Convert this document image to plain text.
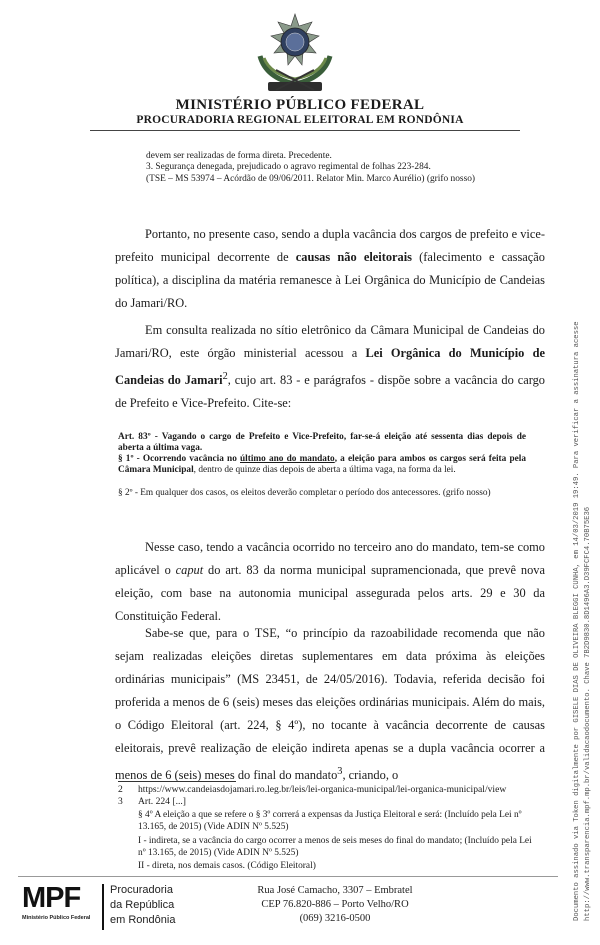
MINISTÉRIO PÚBLICO FEDERAL
PROCURADORIA REGIONAL ELEITORAL EM RONDÔNIA
devem ser realizadas de forma direta. Precedente.
3. Segurança denegada, prejudicado o agravo regimental de folhas 223-284.
(TSE – MS 53974 – Acórdão de 09/06/2011. Relator Min. Marco Aurélio) (grifo nosso)
Portanto, no presente caso, sendo a dupla vacância dos cargos de prefeito e vice-prefeito municipal decorrente de causas não eleitorais (falecimento e cassação política), a disciplina da matéria remanesce à Lei Orgânica do Município de Candeias do Jamari/RO.
Em consulta realizada no sítio eletrônico da Câmara Municipal de Candeias do Jamari/RO, este órgão ministerial acessou a Lei Orgânica do Município de Candeias do Jamari$^2$, cujo art. 83 - e parágrafos - dispõe sobre a vacância do cargo de Prefeito e Vice-Prefeito. Cite-se:
Art. 83º - Vagando o cargo de Prefeito e Vice-Prefeito, far-se-á eleição até sessenta dias depois de aberta a última vaga.
§ 1º - Ocorrendo vacância no último ano do mandato, a eleição para ambos os cargos será feita pela Câmara Municipal, dentro de quinze dias depois de aberta a última vaga, na forma da lei.
§ 2º - Em qualquer dos casos, os eleitos deverão completar o período dos antecessores. (grifo nosso)
Nesse caso, tendo a vacância ocorrido no terceiro ano do mandato, tem-se como aplicável o caput do art. 83 da norma municipal supramencionada, que prevê nova eleição, com base na autonomia municipal assegurada pelos arts. 29 e 30 da Constituição Federal.
Sabe-se que, para o TSE, “o princípio da razoabilidade recomenda que não sejam realizadas eleições diretas suplementares em data próxima às eleições ordinárias municipais” (MS 23451, de 24/05/2016). Todavia, referida decisão foi proferida a menos de 6 (seis) meses das eleições ordinárias municipais. Além do mais, o Código Eleitoral (art. 224, § 4º), no tocante à vacância decorrente de causas eleitorais, prevê realização de eleição indireta apenas se a dupla vacância ocorrer a menos de 6 (seis) meses do final do mandato$^3$, criando, o
2 https://www.candeiasdojamari.ro.leg.br/leis/lei-organica-municipal/lei-organica-municipal/view
3 Art. 224 [...]
§ 4º A eleição a que se refere o § 3º correrá a expensas da Justiça Eleitoral e será: (Incluído pela Lei nº 13.165, de 2015) (Vide ADIN Nº 5.525)
I - indireta, se a vacância do cargo ocorrer a menos de seis meses do final do mandato; (Incluído pela Lei nº 13.165, de 2015) (Vide ADIN Nº 5.525)
II - direta, nos demais casos. (Código Eleitoral)
MPF
Ministério Público Federal
Procuradoria
da República
em Rondônia
Rua José Camacho, 3307 – Embratel
CEP 76.820-886 – Porto Velho/RO
(069) 3216-0500	Documento assinado via Token digitalmente por GISELE DIAS DE OLIVEIRA BLEGGI CUNHA, em 14/03/2019 19:49. Para verificar a assinatura acesse http://www.transparencia.mpf.mp.br/validacaodocumento. Chave 7B2D9830.8D1496A3.D39FCFC4.70B75E36
